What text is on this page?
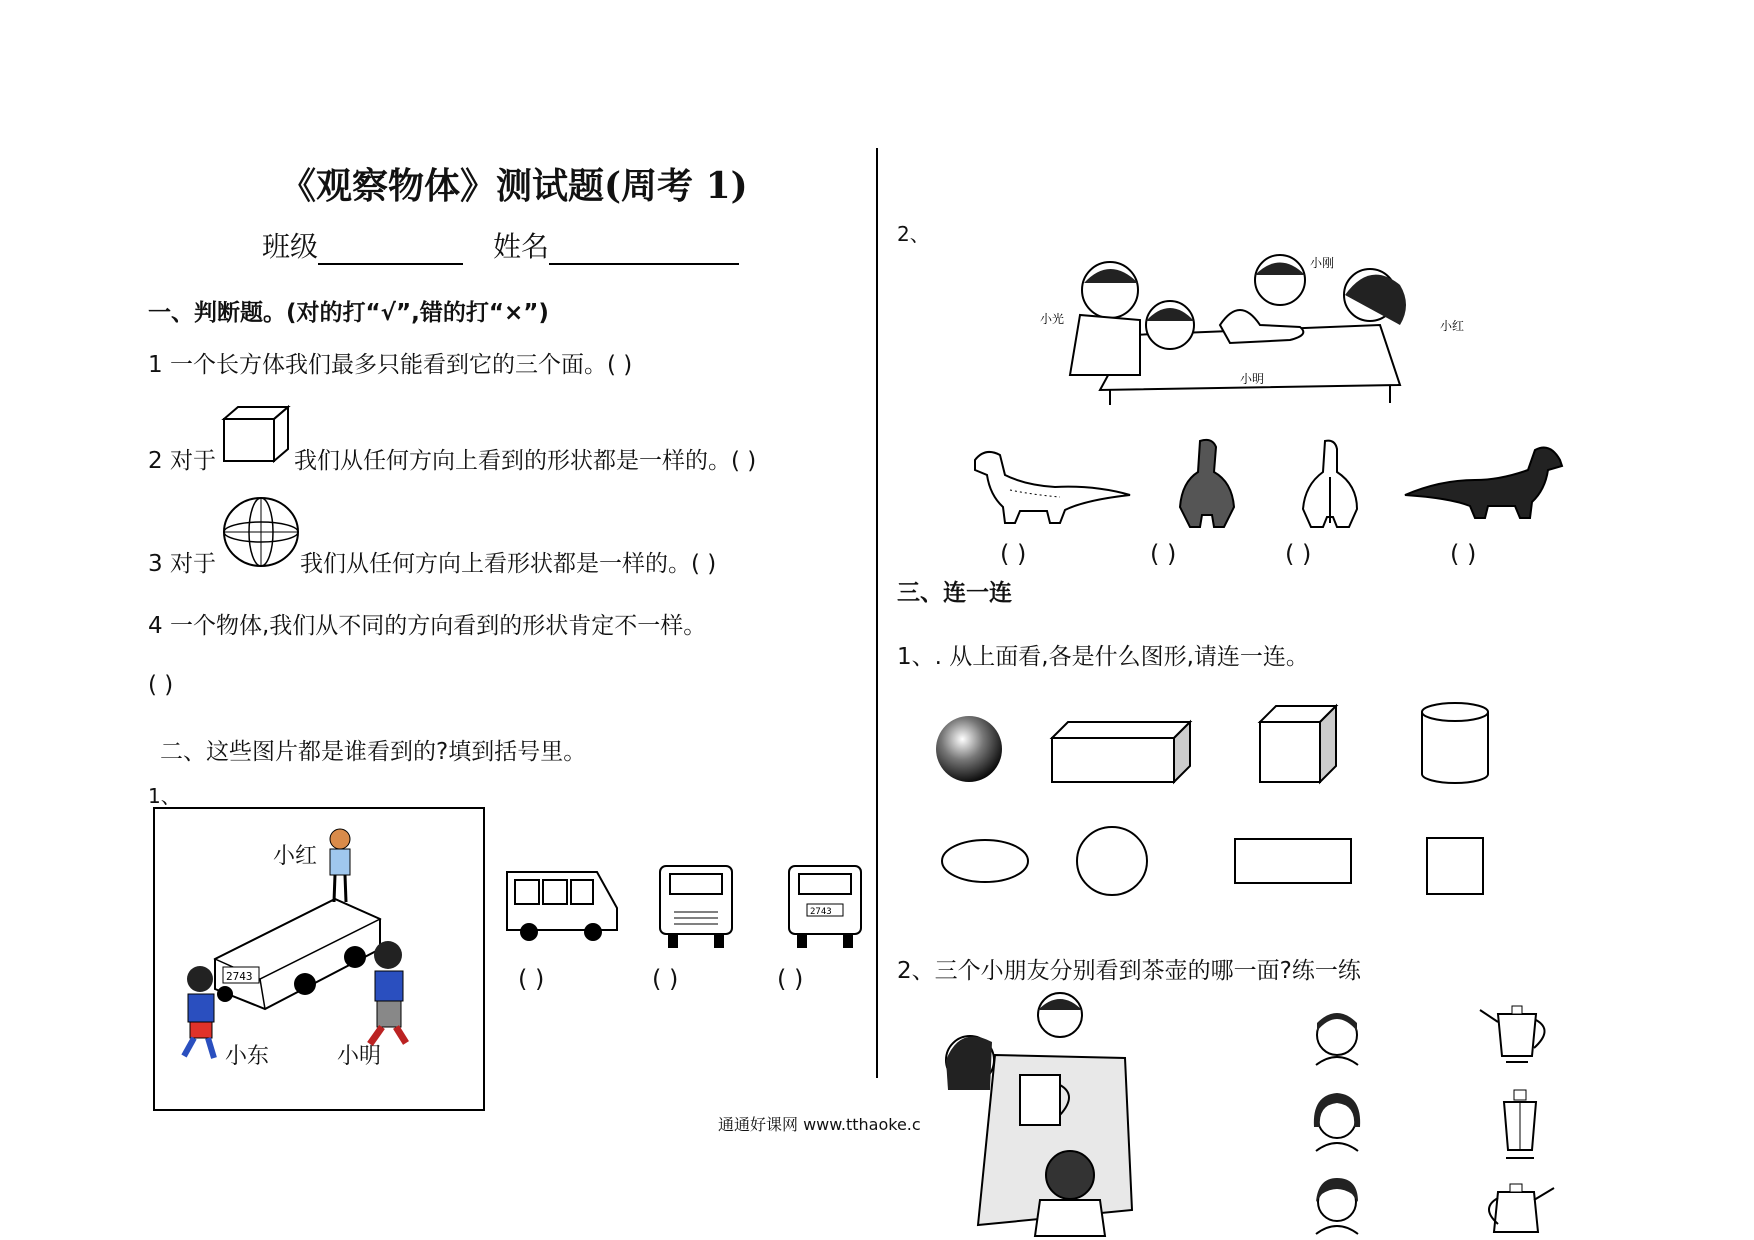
《观察物体》测试题(周考 1)
班级	姓名
一、判断题。(对的打“√”,错的打“×”)
1 一个长方体我们最多只能看到它的三个面。( )
2 对于	我们从任何方向上看到的形状都是一样的。( )
3 对于	我们从任何方向上看形状都是一样的。( )
4 一个物体,我们从不同的方向看到的形状肯定不一样。
( )
二、这些图片都是谁看到的?填到括号里。
1、
小红
小东	小明
2743
2743
( )	( )	( )
2、
小光
小刚
小红
小明
( )	( )	( )	( )
三、连一连
1、. 从上面看,各是什么图形,请连一连。
2、三个小朋友分别看到茶壶的哪一面?练一练
通通好课网 www.tthaoke.c
